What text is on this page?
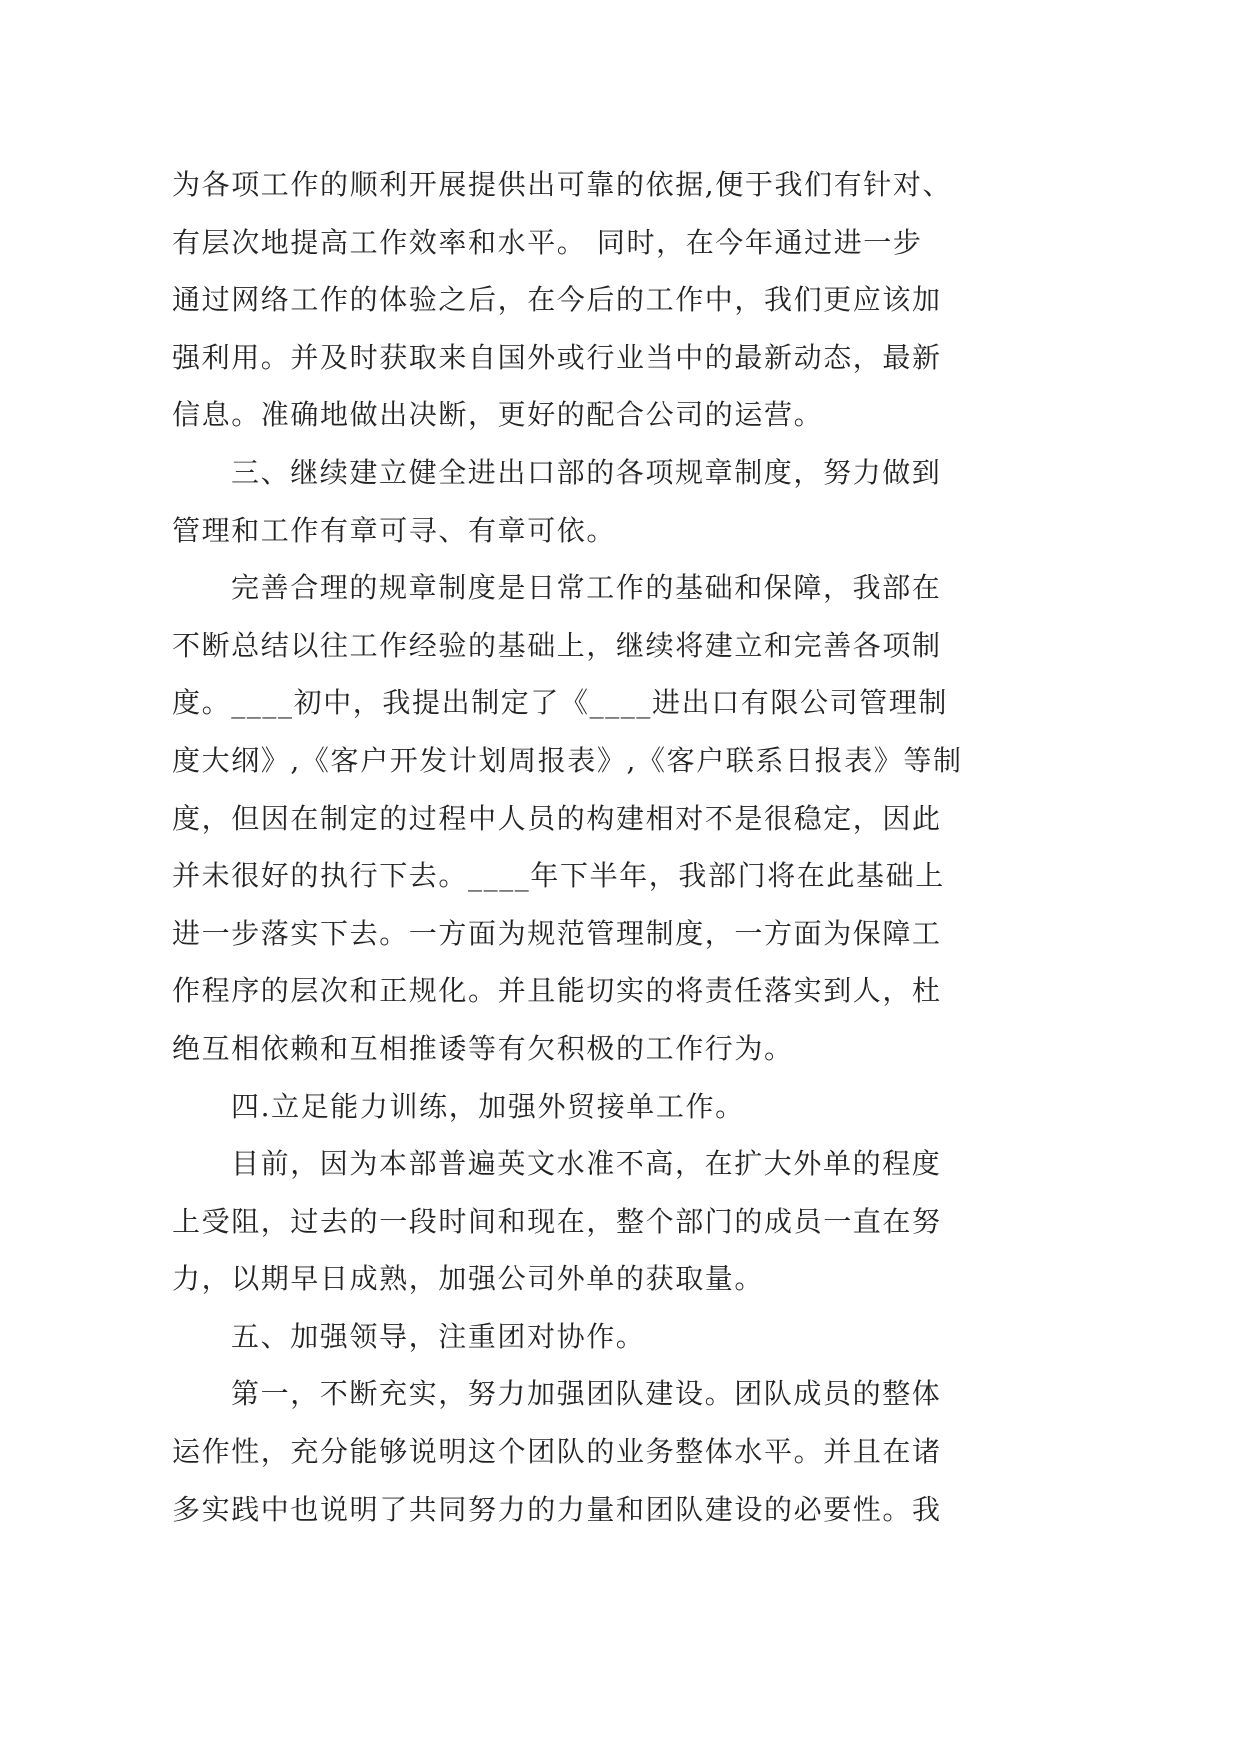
为各项工作的顺利开展提供出可靠的依据,便于我们有针对、
有层次地提高工作效率和水平。 同时，在今年通过进一步
通过网络工作的体验之后，在今后的工作中，我们更应该加
强利用。并及时获取来自国外或行业当中的最新动态，最新
信息。准确地做出决断，更好的配合公司的运营。
三、继续建立健全进出口部的各项规章制度，努力做到
管理和工作有章可寻、有章可依。
完善合理的规章制度是日常工作的基础和保障，我部在
不断总结以往工作经验的基础上，继续将建立和完善各项制
度。____初中，我提出制定了《____进出口有限公司管理制
度大纲》,《客户开发计划周报表》,《客户联系日报表》等制
度，但因在制定的过程中人员的构建相对不是很稳定，因此
并未很好的执行下去。____年下半年，我部门将在此基础上
进一步落实下去。一方面为规范管理制度，一方面为保障工
作程序的层次和正规化。并且能切实的将责任落实到人，杜
绝互相依赖和互相推诿等有欠积极的工作行为。
四.立足能力训练，加强外贸接单工作。
目前，因为本部普遍英文水准不高，在扩大外单的程度
上受阻，过去的一段时间和现在，整个部门的成员一直在努
力，以期早日成熟，加强公司外单的获取量。
五、加强领导，注重团对协作。
第一，不断充实，努力加强团队建设。团队成员的整体
运作性，充分能够说明这个团队的业务整体水平。并且在诸
多实践中也说明了共同努力的力量和团队建设的必要性。我
